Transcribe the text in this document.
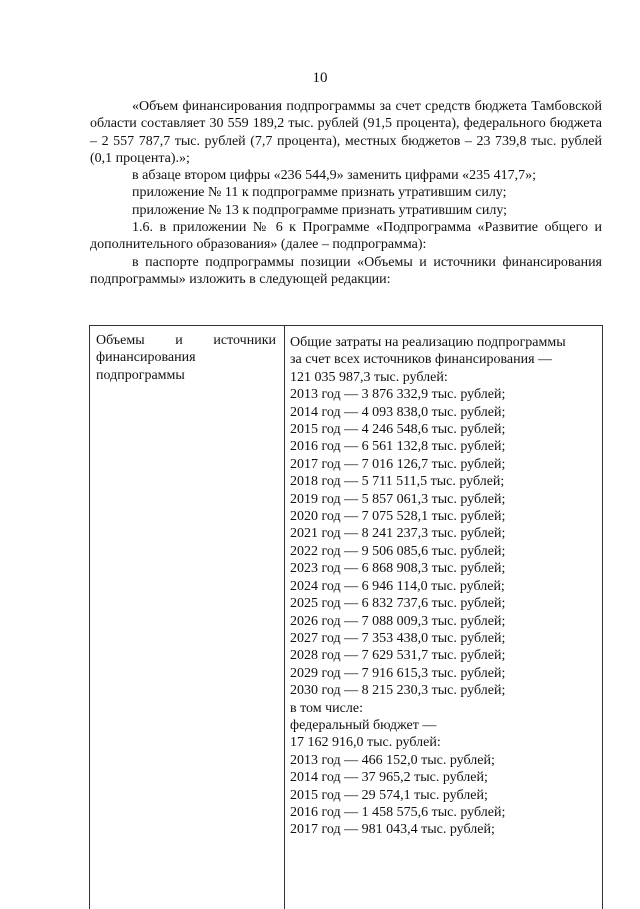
10

«Объем финансирования подпрограммы за счет средств бюджета Тамбовской области составляет 30 559 189,2 тыс. рублей (91,5 процента), федерального бюджета – 2 557 787,7 тыс. рублей (7,7 процента), местных бюджетов – 23 739,8 тыс. рублей (0,1 процента).»;

в абзаце втором цифры «236 544,9» заменить цифрами «235 417,7»;

приложение № 11 к подпрограмме признать утратившим силу;

приложение № 13 к подпрограмме признать утратившим силу;

1.6. в приложении № 6 к Программе «Подпрограмма «Развитие общего и дополнительного образования» (далее – подпрограмма):

в паспорте подпрограммы позиции «Объемы и источники финансирования подпрограммы» изложить в следующей редакции:

Объемы и источники
финансирования
подпрограммы
Общие затраты на реализацию подпрограммы
за счет всех источников финансирования —
121 035 987,3 тыс. рублей:
2013 год — 3 876 332,9 тыс. рублей;
2014 год — 4 093 838,0 тыс. рублей;
2015 год — 4 246 548,6 тыс. рублей;
2016 год — 6 561 132,8 тыс. рублей;
2017 год — 7 016 126,7 тыс. рублей;
2018 год — 5 711 511,5 тыс. рублей;
2019 год — 5 857 061,3 тыс. рублей;
2020 год — 7 075 528,1 тыс. рублей;
2021 год — 8 241 237,3 тыс. рублей;
2022 год — 9 506 085,6 тыс. рублей;
2023 год — 6 868 908,3 тыс. рублей;
2024 год — 6 946 114,0 тыс. рублей;
2025 год — 6 832 737,6 тыс. рублей;
2026 год — 7 088 009,3 тыс. рублей;
2027 год — 7 353 438,0 тыс. рублей;
2028 год — 7 629 531,7 тыс. рублей;
2029 год — 7 916 615,3 тыс. рублей;
2030 год — 8 215 230,3 тыс. рублей;
в том числе:
федеральный бюджет —
17 162 916,0 тыс. рублей:
2013 год — 466 152,0 тыс. рублей;
2014 год — 37 965,2 тыс. рублей;
2015 год — 29 574,1 тыс. рублей;
2016 год — 1 458 575,6 тыс. рублей;
2017 год — 981 043,4 тыс. рублей;
